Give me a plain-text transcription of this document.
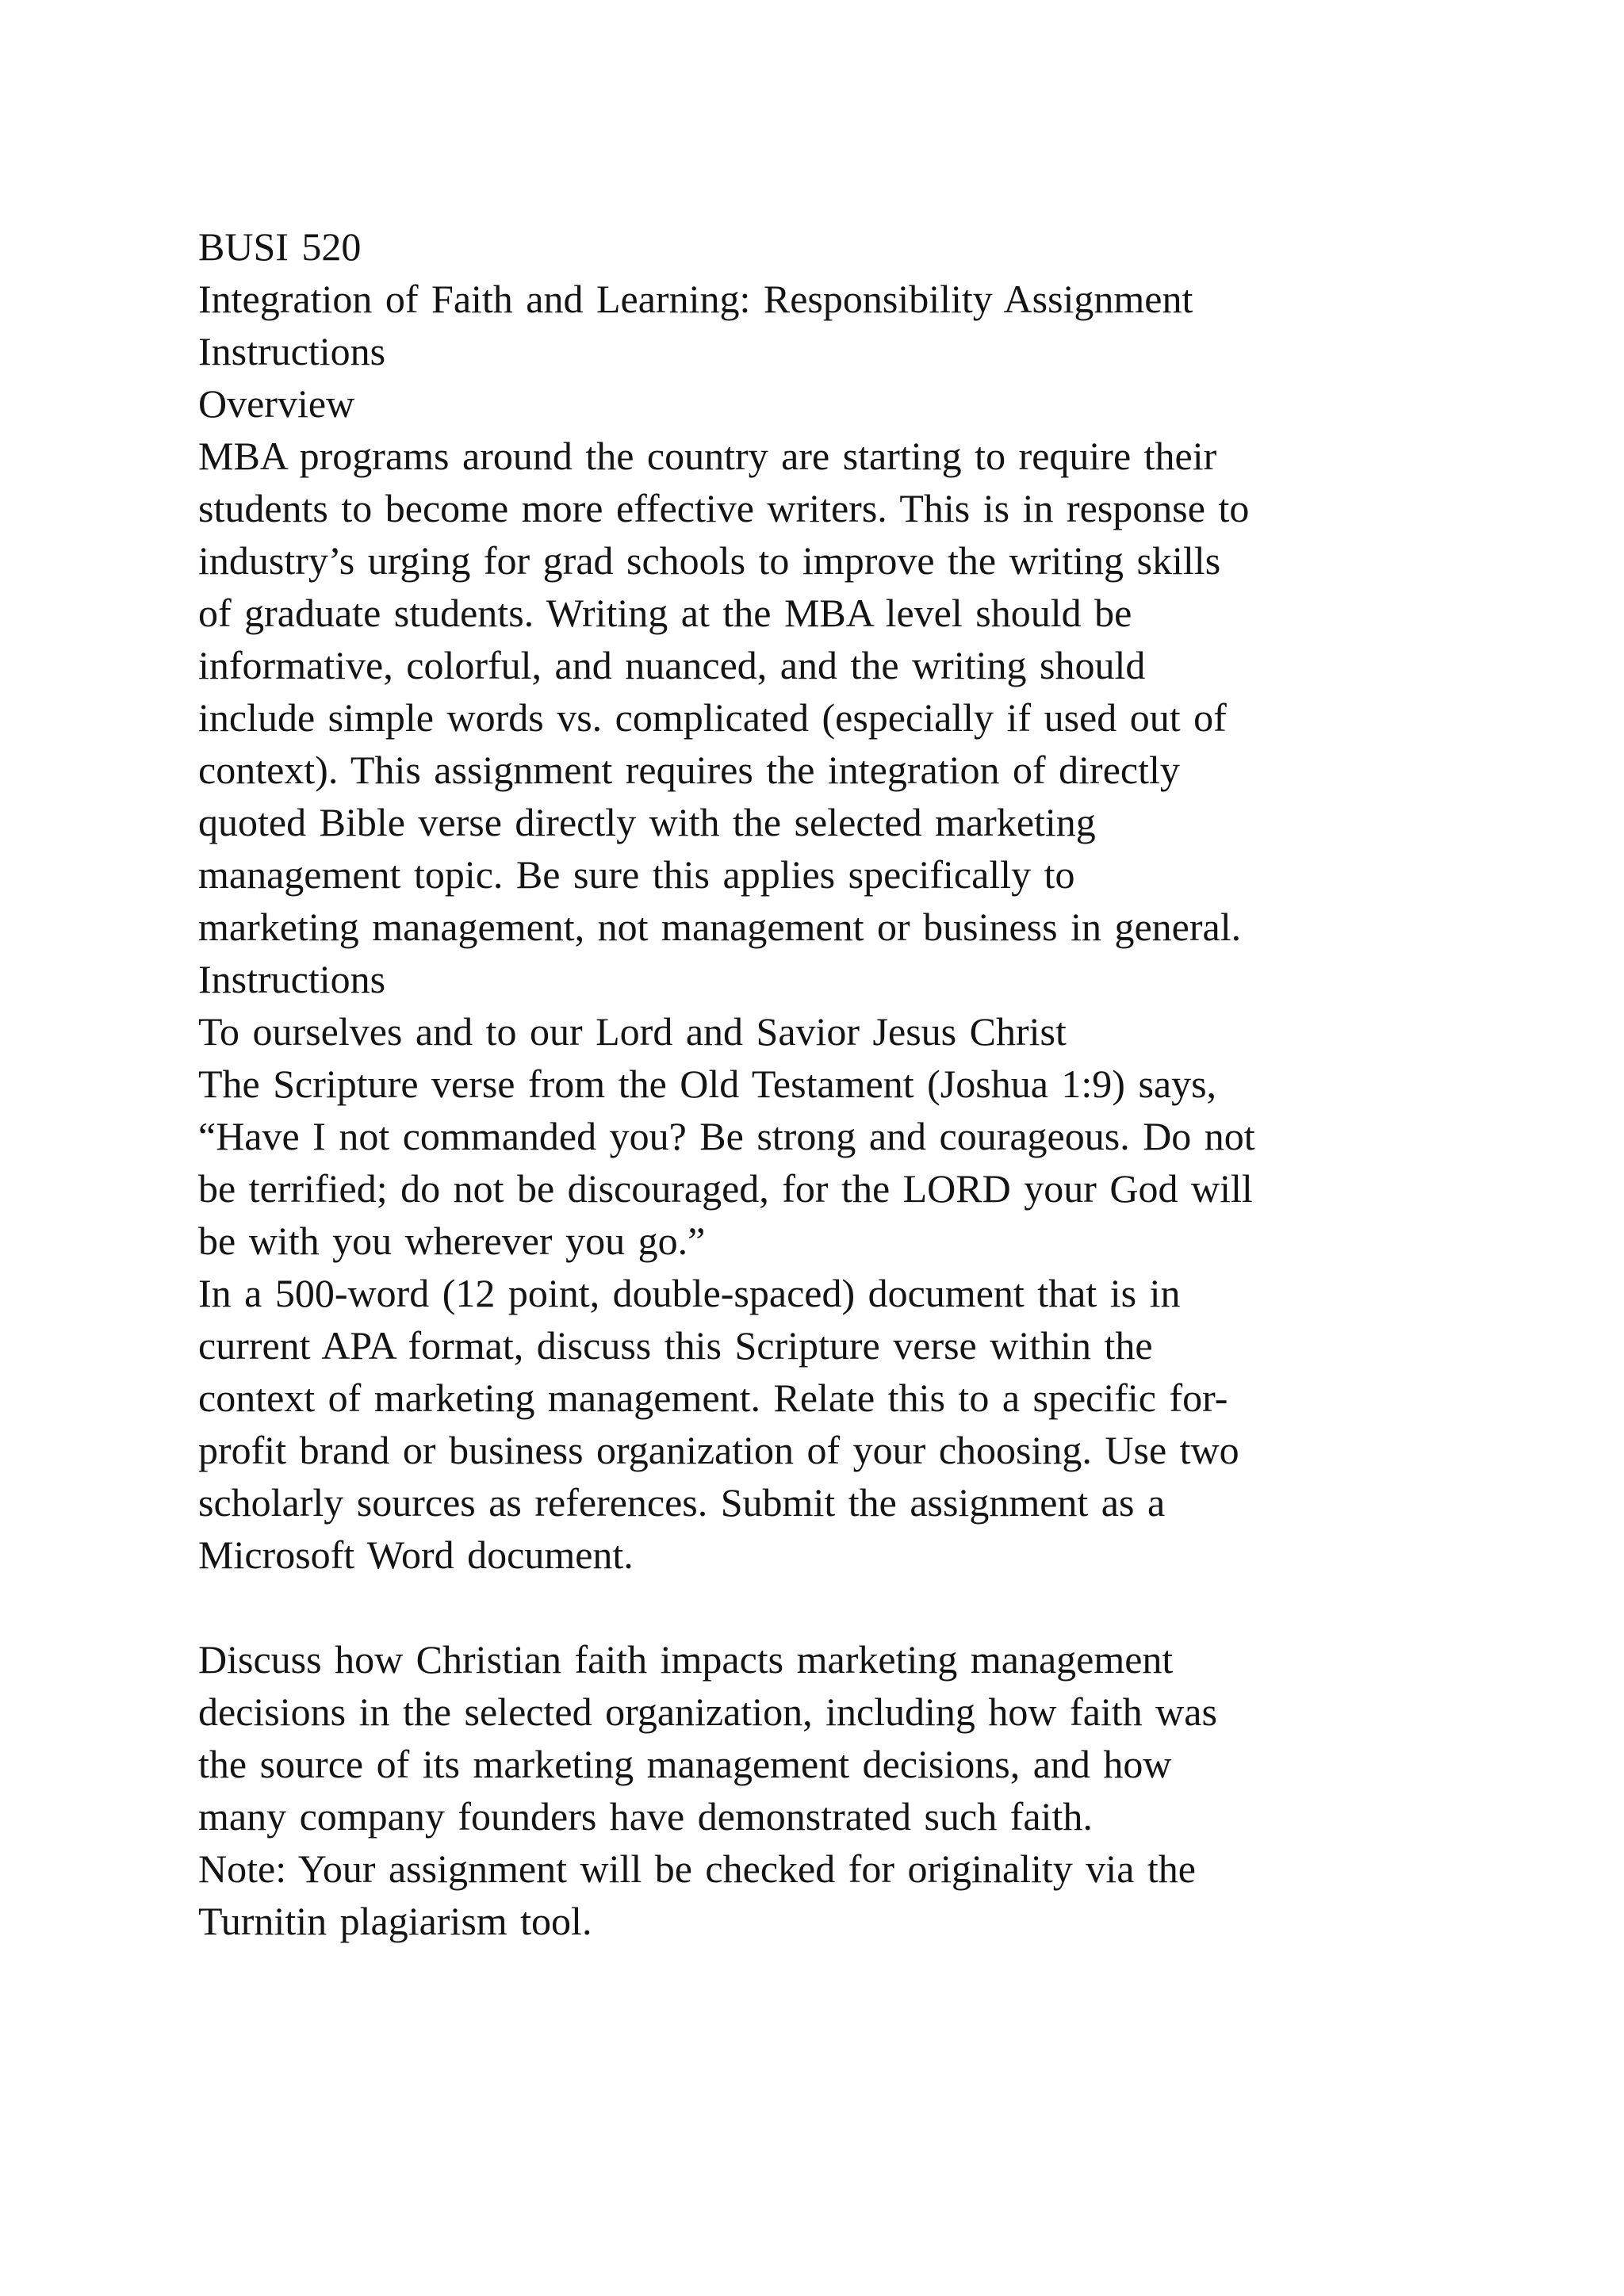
BUSI 520
Integration of Faith and Learning: Responsibility Assignment
Instructions
Overview
MBA programs around the country are starting to require their
students to become more effective writers. This is in response to
industry’s urging for grad schools to improve the writing skills
of graduate students. Writing at the MBA level should be
informative, colorful, and nuanced, and the writing should
include simple words vs. complicated (especially if used out of
context). This assignment requires the integration of directly
quoted Bible verse directly with the selected marketing
management topic. Be sure this applies specifically to
marketing management, not management or business in general.
Instructions
To ourselves and to our Lord and Savior Jesus Christ
The Scripture verse from the Old Testament (Joshua 1:9) says,
“Have I not commanded you? Be strong and courageous. Do not
be terrified; do not be discouraged, for the LORD your God will
be with you wherever you go.”
In a 500-word (12 point, double-spaced) document that is in
current APA format, discuss this Scripture verse within the
context of marketing management. Relate this to a specific for-
profit brand or business organization of your choosing. Use two
scholarly sources as references. Submit the assignment as a
Microsoft Word document.
Discuss how Christian faith impacts marketing management
decisions in the selected organization, including how faith was
the source of its marketing management decisions, and how
many company founders have demonstrated such faith.
Note: Your assignment will be checked for originality via the
Turnitin plagiarism tool.
